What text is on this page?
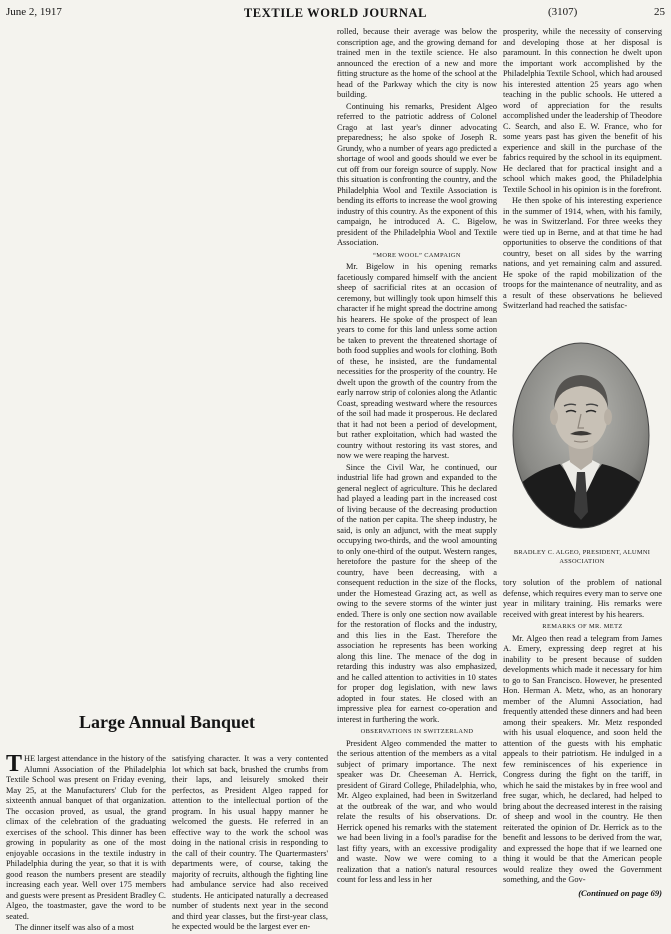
June 2, 1917	TEXTILE WORLD JOURNAL	(3107)	25
Large Annual Banquet

THE largest attendance in the history of the Alumni Association of the Philadelphia Textile School was present on Friday evening, May 25, at the Manufacturers' Club for the sixteenth annual banquet of that organization. The occasion proved, as usual, the grand climax of the celebration of the graduating exercises of the school. This dinner has been growing in popularity as one of the most enjoyable occasions in the textile industry in Philadelphia during the year, so that it is with good reason the numbers present are steadily increasing each year. Well over 175 members and guests were present as President Bradley C. Algeo, the toastmaster, gave the word to be seated.

The dinner itself was also of a most

satisfying character. It was a very contented lot which sat back, brushed the crumbs from their laps, and leisurely smoked their perfectos, as President Algeo rapped for attention to the intellectual portion of the program. In his usual happy manner he welcomed the guests. He referred in an effective way to the work the school was doing in the national crisis in responding to the call of their country. The Quartermasters' departments were, of course, taking the majority of recruits, although the fighting line had ambulance service had also received students. He anticipated naturally a decreased number of students next year in the second and third year classes, but the first-year class, he expected would be the largest ever en-

rolled, because their average was below the conscription age, and the growing demand for trained men in the textile science. He also announced the erection of a new and more fitting structure as the home of the school at the head of the Parkway which the city is now building.

Continuing his remarks, President Algeo referred to the patriotic address of Colonel Crago at last year's dinner advocating preparedness; he also spoke of Joseph R. Grundy, who a number of years ago predicted a shortage of wool and goods should we ever be cut off from our foreign source of supply. Now this situation is confronting the country, and the Philadelphia Wool and Textile Association is bending its efforts to increase the wool growing industry of this country. As the exponent of this campaign, he introduced A. C. Bigelow, president of the Philadelphia Wool and Textile Association.

“MORE WOOL” CAMPAIGN

Mr. Bigelow in his opening remarks facetiously compared himself with the ancient sheep of sacrificial rites at an occasion of ceremony, but willingly took upon himself this character if he might spread the doctrine among his hearers. He spoke of the prospect of lean years to come for this land unless some action be taken to prevent the threatened shortage of both food supplies and wools for clothing. Both of these, he insisted, are the fundamental necessities for the prosperity of the country. He dwelt upon the growth of the country from the early narrow strip of colonies along the Atlantic Coast, spreading westward where the resources of the soil had made it prosperous. He declared that it had not been a period of development, but rather exploitation, which had wasted the country without restoring its vast stores, and now we were reaping the harvest.

Since the Civil War, he continued, our industrial life had grown and expanded to the general neglect of agriculture. This he declared had played a leading part in the increased cost of living because of the decreasing production of the nation per capita. The sheep industry, he said, is only an adjunct, with the meat supply occupying two-thirds, and the wool amounting to only one-third of the output. Western ranges, heretofore the pasture for the sheep of the country, have been decreasing, with a consequent reduction in the size of the flocks, under the Homestead Grazing act, as well as owing to the severe storms of the winter just ended. There is only one section now available for the restoration of flocks and the industry, and this lies in the East. Therefore the association he represents has been working along this line. The menace of the dog in retarding this industry was also emphasized, and he called attention to activities in 10 states for proper dog legislation, with new laws adopted in four states. He closed with an impressive plea for earnest co-operation and interest in furthering the work.

OBSERVATIONS IN SWITZERLAND

President Algeo commended the matter to the serious attention of the members as a vital subject of primary importance. The next speaker was Dr. Cheeseman A. Herrick, president of Girard College, Philadelphia, who, Mr. Algeo explained, had been in Switzerland at the outbreak of the war, and who would relate the results of his observations. Dr. Herrick opened his remarks with the statement we had been living in a fool's paradise for the last fifty years, with an excessive prodigality and waste. Now we were coming to a realization that a nation's natural resources count for less and less in her

prosperity, while the necessity of conserving and developing those at her disposal is paramount. In this connection he dwelt upon the important work accomplished by the Philadelphia Textile School, which had aroused his interested attention 25 years ago when teaching in the public schools. He uttered a word of appreciation for the results accomplished under the leadership of Theodore C. Search, and also E. W. France, who for some years past has given the benefit of his experience and skill in the purchase of the fabrics required by the school in its equipment. He declared that for practical insight and a school which makes good, the Philadelphia Textile School in his opinion is in the forefront.

He then spoke of his interesting experience in the summer of 1914, when, with his family, he was in Switzerland. For three weeks they were tied up in Berne, and at that time he had opportunities to observe the conditions of that country, beset on all sides by the warring nations, and yet remaining calm and assured. He spoke of the rapid mobilization of the troops for the maintenance of neutrality, and as a result of these observations he believed Switzerland had reached the satisfac-

BRADLEY C. ALGEO, PRESIDENT, ALUMNI ASSOCIATION

tory solution of the problem of national defense, which requires every man to serve one year in military training. His remarks were received with great interest by his hearers.

REMARKS OF MR. METZ

Mr. Algeo then read a telegram from James A. Emery, expressing deep regret at his inability to be present because of sudden developments which made it necessary for him to go to San Francisco. However, he presented Hon. Herman A. Metz, who, as an honorary member of the Alumni Association, had frequently attended these dinners and had been among their speakers. Mr. Metz responded with his usual eloquence, and soon held the attention of the guests with his emphatic appeals to their patriotism. He indulged in a few reminiscences of his experience in Congress during the fight on the tariff, in which he said the mistakes by in free wool and free sugar, which, he declared, had helped to bring about the decreased interest in the raising of sheep and wool in the country. He then reiterated the opinion of Dr. Herrick as to the benefit and lessons to be derived from the war, and expressed the hope that if we learned one thing it would be that the American people would realize they owed the Government something, and the Gov-

(Continued on page 69)
